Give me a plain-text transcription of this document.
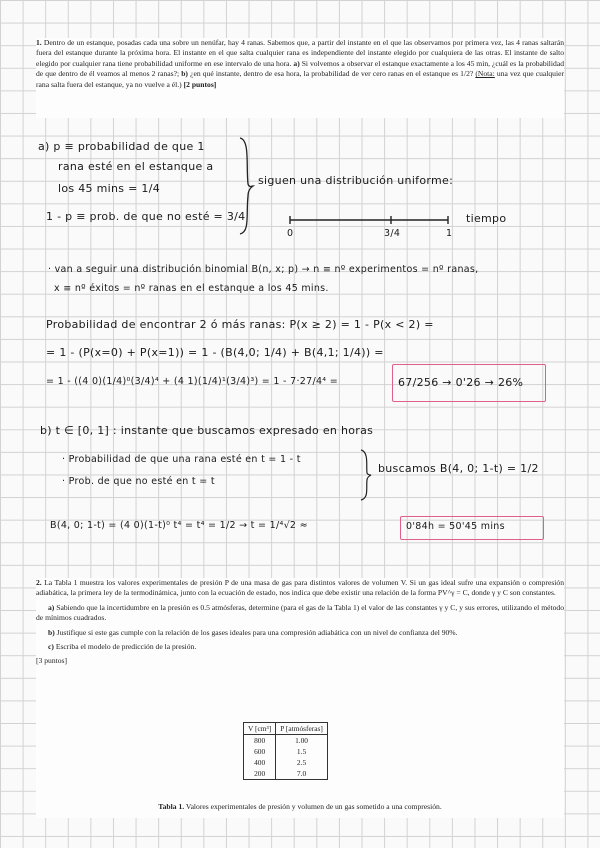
1. Dentro de un estanque, posadas cada una sobre un nenúfar, hay 4 ranas. Sabemos que, a partir del instante en el que las observamos por primera vez, las 4 ranas saltarán fuera del estanque durante la próxima hora. El instante en el que salta cualquier rana es independiente del instante elegido por cualquiera de las otras. El instante de salto elegido por cualquier rana tiene probabilidad uniforme en ese intervalo de una hora. a) Si volvemos a observar el estanque exactamente a los 45 min, ¿cuál es la probabilidad de que dentro de él veamos al menos 2 ranas?; b) ¿en qué instante, dentro de esa hora, la probabilidad de ver cero ranas en el estanque es 1/2? (Nota: una vez que cualquier rana salta fuera del estanque, ya no vuelve a él.) [2 puntos]

a) p ≡ probabilidad de que 1
rana esté en el estanque a
los 45 mins = 1/4
1 - p ≡ prob. de que no esté = 3/4
siguen una distribución uniforme:
0	3/4	1
tiempo
· van a seguir una distribución binomial B(n, x; p) → n ≡ nº experimentos = nº ranas,
x ≡ nº éxitos = nº ranas en el estanque a los 45 mins.
Probabilidad de encontrar 2 ó más ranas: P(x ≥ 2) = 1 - P(x < 2) =
= 1 - (P(x=0) + P(x=1)) = 1 - (B(4,0; 1/4) + B(4,1; 1/4)) =
= 1 - ((4 0)(1/4)⁰(3/4)⁴ + (4 1)(1/4)¹(3/4)³) = 1 - 7·27/4⁴ =	67/256 → 0'26 → 26%
b) t ∈ [0, 1] : instante que buscamos expresado en horas
· Probabilidad de que una rana esté en t = 1 - t
· Prob. de que no esté en t = t
buscamos B(4, 0; 1-t) = 1/2
B(4, 0; 1-t) = (4 0)(1-t)⁰ t⁴ = t⁴ = 1/2 → t = 1/⁴√2 ≈	0'84h = 50'45 mins

2. La Tabla 1 muestra los valores experimentales de presión P de una masa de gas para distintos valores de volumen V. Si un gas ideal sufre una expansión o compresión adiabática, la primera ley de la termodinámica, junto con la ecuación de estado, nos indica que debe existir una relación de la forma PV^γ = C, donde γ y C son constantes.

a) Sabiendo que la incertidumbre en la presión es 0.5 atmósferas, determine (para el gas de la Tabla 1) el valor de las constantes γ y C, y sus errores, utilizando el método de mínimos cuadrados.

b) Justifique si este gas cumple con la relación de los gases ideales para una compresión adiabática con un nivel de confianza del 90%.

c) Escriba el modelo de predicción de la presión.

[3 puntos]

V [cm³]	P [atmósferas]
800	1.00
600	1.5
400	2.5
200	7.0
Tabla 1. Valores experimentales de presión y volumen de un gas sometido a una compresión.
